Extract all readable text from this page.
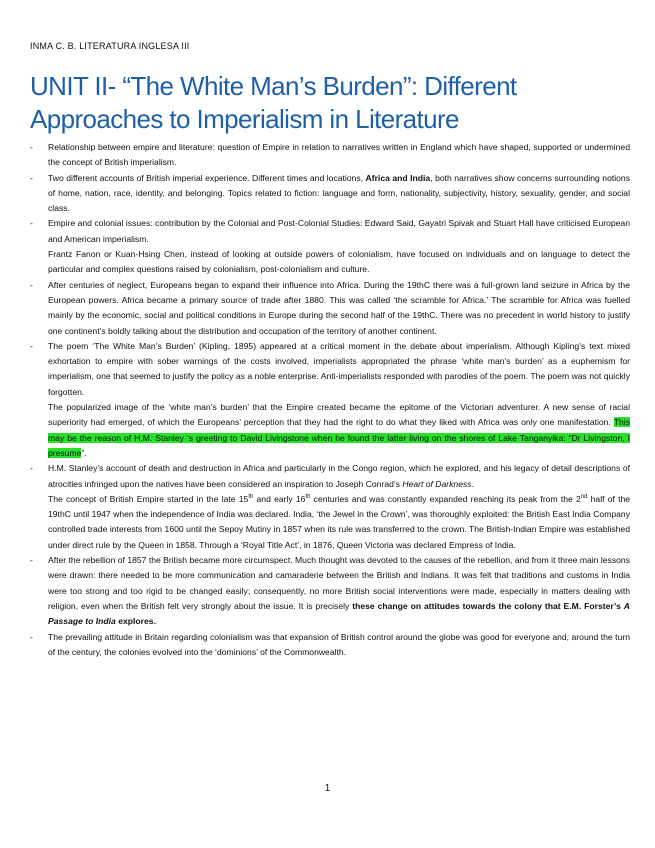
INMA C. B. LITERATURA INGLESA III
UNIT II- “The White Man’s Burden”: Different Approaches to Imperialism in Literature
- Relationship between empire and literature: question of Empire in relation to narratives written in England which have shaped, supported or undermined the concept of British imperialism.
- Two different accounts of British imperial experience. Different times and locations, Africa and India, both narratives show concerns surrounding notions of home, nation, race, identity, and belonging. Topics related to fiction: language and form, nationality, subjectivity, history, sexuality, gender, and social class.
- Empire and colonial issues: contribution by the Colonial and Post-Colonial Studies: Edward Said, Gayatri Spivak and Stuart Hall have criticised European and American imperialism.
Frantz Fanon or Kuan-Hsing Chen, instead of looking at outside powers of colonialism, have focused on individuals and on language to detect the particular and complex questions raised by colonialism, post-colonialism and culture.
- After centuries of neglect, Europeans began to expand their influence into Africa. During the 19thC there was a full-grown land seizure in Africa by the European powers. Africa became a primary source of trade after 1880. This was called ‘the scramble for Africa.’ The scramble for Africa was fuelled mainly by the economic, social and political conditions in Europe during the second half of the 19thC. There was no precedent in world history to justify one continent’s boldly talking about the distribution and occupation of the territory of another continent.
- The poem ‘The White Man’s Burden’ (Kipling, 1895) appeared at a critical moment in the debate about imperialism. Although Kipling’s text mixed exhortation to empire with sober warnings of the costs involved, imperialists appropriated the phrase ‘white man’s burden’ as a euphemism for imperialism, one that seemed to justify the policy as a noble enterprise. Anti-imperialists responded with parodies of the poem. The poem was not quickly forgotten.
The popularized image of the ‘white man’s burden’ that the Empire created became the epitome of the Victorian adventurer. A new sense of racial superiority had emerged, of which the Europeans’ perception that they had the right to do what they liked with Africa was only one manifestation. This may be the reason of H.M. Stanley ‘s greeting to David Livingstone when he found the latter living on the shores of Lake Tanganyika: “Dr Livingston, I presume”.
- H.M. Stanley’s account of death and destruction in Africa and particularly in the Congo region, which he explored, and his legacy of detail descriptions of atrocities infringed upon the natives have been considered an inspiration to Joseph Conrad’s Heart of Darkness.
The concept of British Empire started in the late 15th and early 16th centuries and was constantly expanded reaching its peak from the 2nd half of the 19thC until 1947 when the independence of India was declared. India, ‘the Jewel in the Crown’, was thoroughly exploited: the British East India Company controlled trade interests from 1600 until the Sepoy Mutiny in 1857 when its rule was transferred to the crown. The British-Indian Empire was established under direct rule by the Queen in 1858. Through a ‘Royal Title Act’, in 1876, Queen Victoria was declared Empress of India.
- After the rebellion of 1857 the British became more circumspect. Much thought was devoted to the causes of the rebellion, and from it three main lessons were drawn: there needed to be more communication and camaraderie between the British and Indians. It was felt that traditions and customs in India were too strong and too rigid to be changed easily; consequently, no more British social interventions were made, especially in matters dealing with religion, even when the British felt very strongly about the issue. It is precisely these change on attitudes towards the colony that E.M. Forster’s A Passage to India explores.
- The prevailing attitude in Britain regarding colonialism was that expansion of British control around the globe was good for everyone and, around the turn of the century, the colonies evolved into the ‘dominions’ of the Commonwealth.
1
